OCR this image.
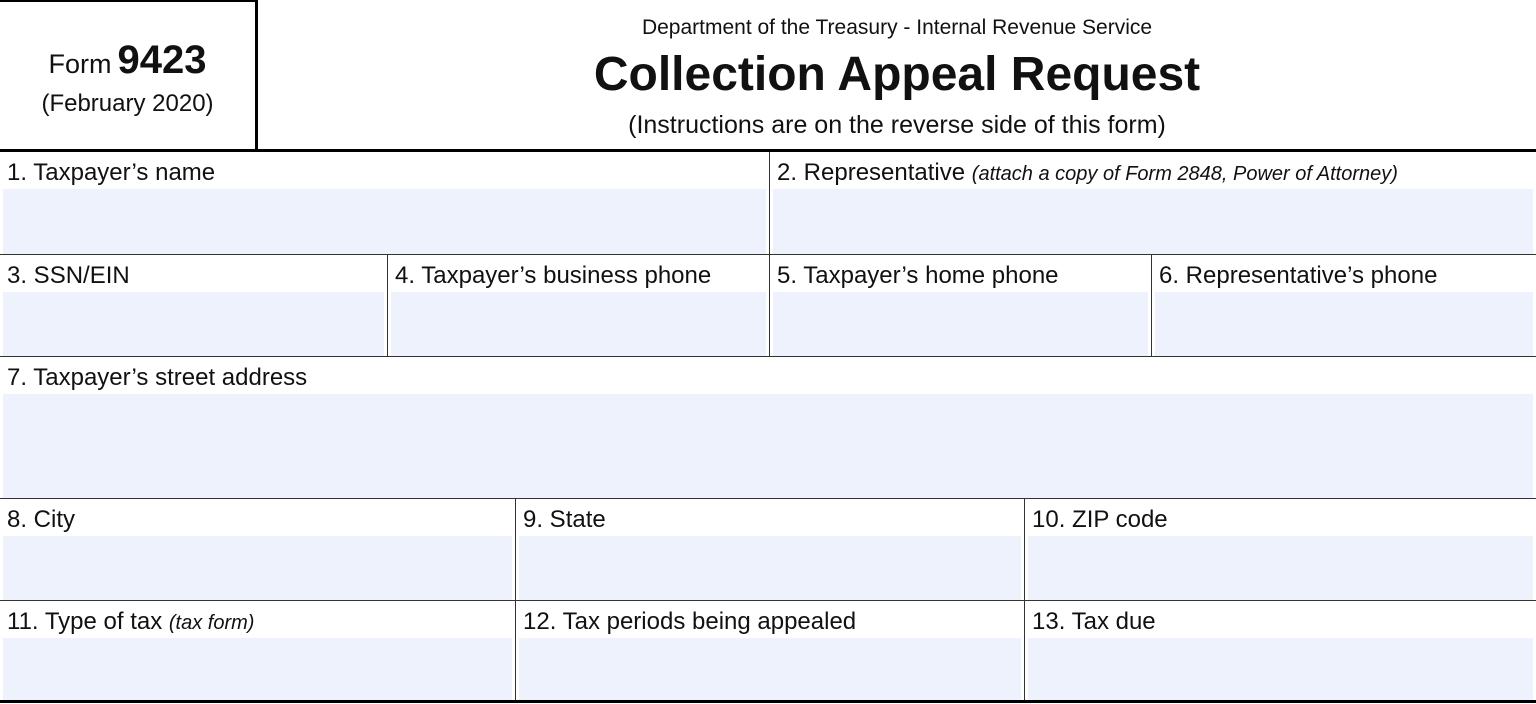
Form 9423
(February 2020)
Department of the Treasury - Internal Revenue Service
Collection Appeal Request
(Instructions are on the reverse side of this form)
1. Taxpayer’s name	2. Representative (attach a copy of Form 2848, Power of Attorney)
3. SSN/EIN	4. Taxpayer’s business phone	5. Taxpayer’s home phone	6. Representative’s phone
7. Taxpayer’s street address
8. City	9. State	10. ZIP code
11. Type of tax (tax form)	12. Tax periods being appealed	13. Tax due
